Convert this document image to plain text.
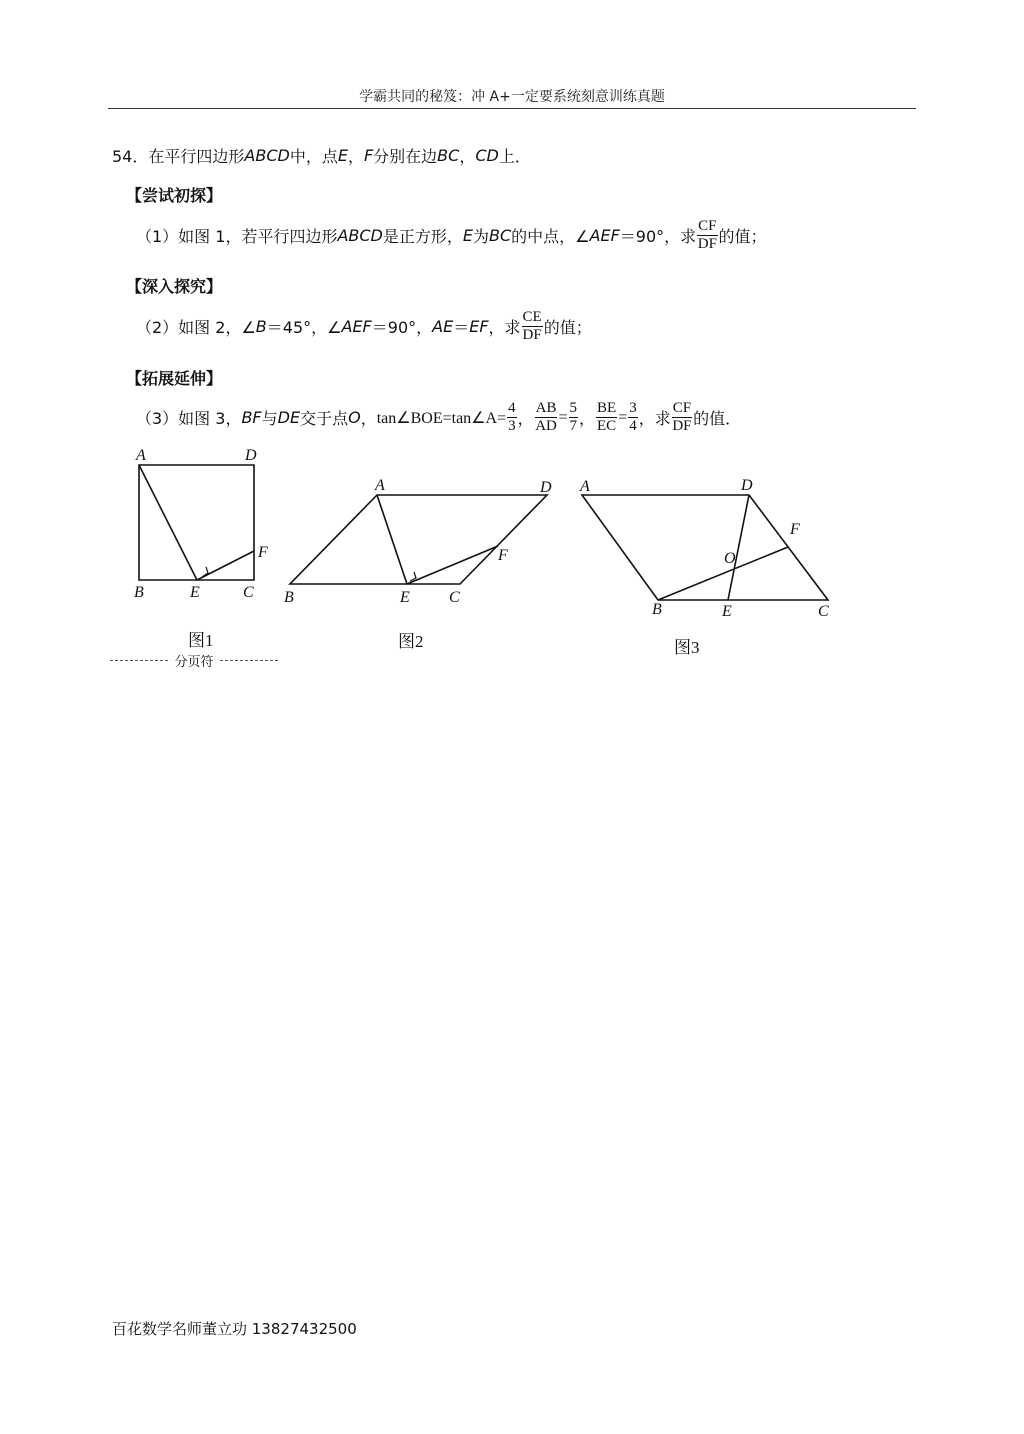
学霸共同的秘笈：冲 A+一定要系统刻意训练真题
54． 在平行四边形 ABCD 中，点 E ， F 分别在边 BC ， CD 上．
【尝试初探】
（1）如图 1，若平行四边形 ABCD 是正方形， E 为 BC 的中点，∠ AEF ＝90°，求 $\frac{CF}{DF}$ 的值；
【深入探究】
（2）如图 2，∠ B ＝45°，∠ AEF ＝90°， AE ＝ EF ，求 $\frac{CE}{DF}$ 的值；
【拓展延伸】
（3）如图 3， BF 与 DE 交于点 O ， tan∠BOE=tan∠A= $\frac{4}{3}$ ， $\frac{AB}{AD} = \frac{5}{7}$ ， $\frac{BE}{EC} = \frac{3}{4}$ ，求 $\frac{CF}{DF}$ 的值．
A	D
F
B	E	C
图1
A	D
F
B	E C
图2
A	D
F
O
B	E	C
图3
$^{分页符}$
百花数学名师董立功 13827432500
